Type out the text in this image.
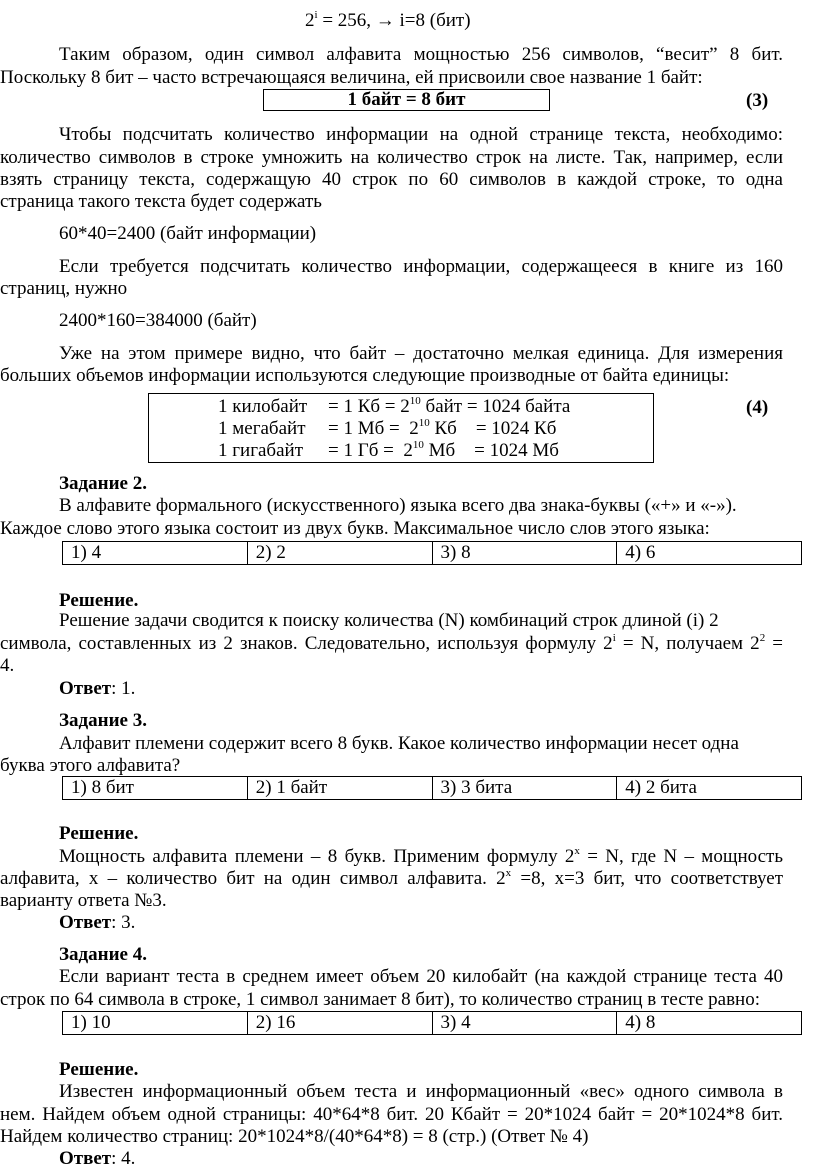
$2^i = 256$, → i=8 (бит)
Таким образом, один символ алфавита мощностью 256 символов, “весит” 8 бит.
Поскольку 8 бит – часто встречающаяся величина, ей присвоили свое название 1 байт:
1 байт = 8 бит	(3)
Чтобы подсчитать количество информации на одной странице текста, необходимо:
количество символов в строке умножить на количество строк на листе. Так, например, если
взять страницу текста, содержащую 40 строк по 60 символов в каждой строке, то одна
страница такого текста будет содержать
60*40=2400 (байт информации)
Если требуется подсчитать количество информации, содержащееся в книге из 160
страниц, нужно
2400*160=384000 (байт)
Уже на этом примере видно, что байт – достаточно мелкая единица. Для измерения
больших объемов информации используются следующие производные от байта единицы:
1 килобайт = 1 Кб = $2^{10}$ байт = 1024 байта
1 мегабайт = 1 Мб =  $2^{10}$ Кб    = 1024 Кб
1 гигабайт = 1 Гб =  $2^{10}$ Мб    = 1024 Мб
(4)
Задание 2.
В алфавите формального (искусственного) языка всего два знака-буквы («+» и «-»).
Каждое слово этого языка состоит из двух букв. Максимальное число слов этого языка:
1) 4	2) 2	3) 8	4) 6
Решение.
Решение задачи сводится к поиску количества (N) комбинаций строк длиной (i) 2
символа, составленных из 2 знаков. Следовательно, используя формулу $2^i = N$, получаем $2^2$ =
4.
Ответ: 1.
Задание 3.
Алфавит племени содержит всего 8 букв. Какое количество информации несет одна
буква этого алфавита?
1) 8 бит	2) 1 байт	3) 3 бита	4) 2 бита
Решение.
Мощность алфавита племени – 8 букв. Применим формулу $2^x = N$, где N – мощность
алфавита, x – количество бит на один символ алфавита. $2^x =8$, x=3 бит, что соответствует
варианту ответа №3.
Ответ: 3.
Задание 4.
Если вариант теста в среднем имеет объем 20 килобайт (на каждой странице теста 40
строк по 64 символа в строке, 1 символ занимает 8 бит), то количество страниц в тесте равно:
1) 10	2) 16	3) 4	4) 8
Решение.
Известен информационный объем теста и информационный «вес» одного символа в
нем. Найдем объем одной страницы: 40*64*8 бит. 20 Кбайт = 20*1024 байт = 20*1024*8 бит.
Найдем количество страниц: 20*1024*8/(40*64*8) = 8 (стр.) (Ответ № 4)
Ответ: 4.
